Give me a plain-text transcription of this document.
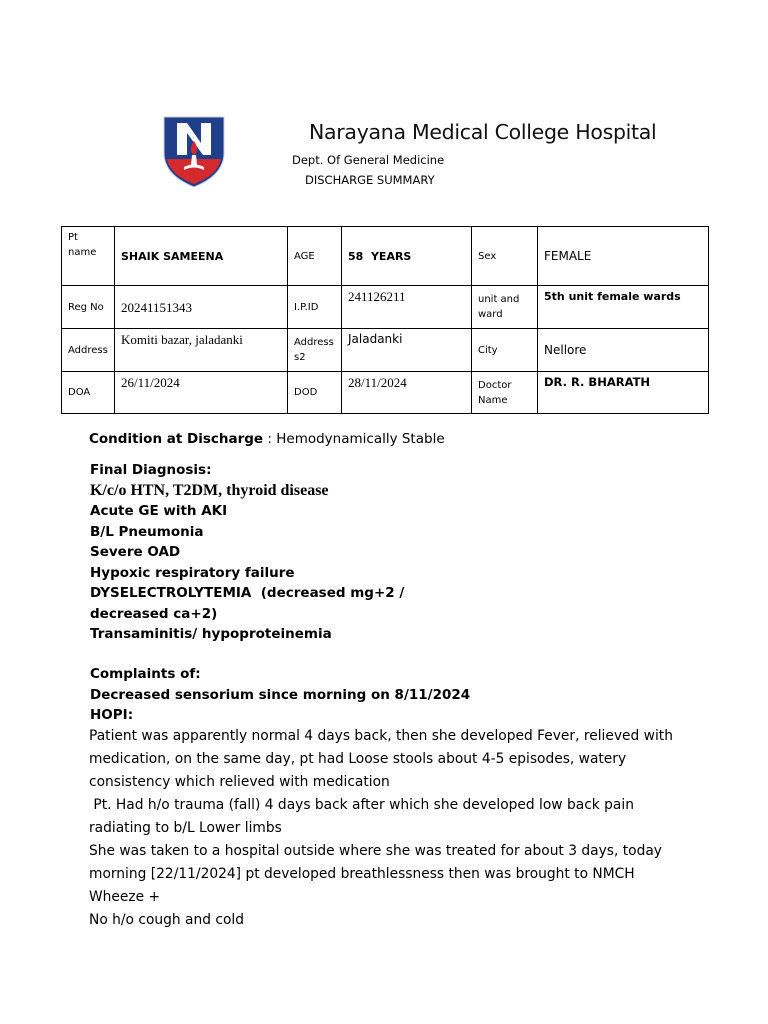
Narayana Medical College Hospital
Dept. Of General Medicine
DISCHARGE SUMMARY
Pt name	SHAIK SAMEENA	AGE	58  YEARS	Sex	FEMALE
Reg No	20241151343	I.P.ID	241126211	unit and ward	5th unit female wards
Address	Komiti bazar, jaladanki	Address s2	Jaladanki	City	Nellore
DOA	26/11/2024	DOD	28/11/2024	Doctor Name	DR. R. BHARATH
Condition at Discharge : Hemodynamically Stable
Final Diagnosis:
K/c/o HTN, T2DM, thyroid disease
Acute GE with AKI
B/L Pneumonia
Severe OAD
Hypoxic respiratory failure
DYSELECTROLYTEMIA  (decreased mg+2 / decreased ca+2)
Transaminitis/ hypoproteinemia
Complaints of:
Decreased sensorium since morning on 8/11/2024
HOPI:

Patient was apparently normal 4 days back, then she developed Fever, relieved with medication, on the same day, pt had Loose stools about 4-5 episodes, watery consistency which relieved with medication

Pt. Had h/o trauma (fall) 4 days back after which she developed low back pain radiating to b/L Lower limbs

She was taken to a hospital outside where she was treated for about 3 days, today morning [22/11/2024] pt developed breathlessness then was brought to NMCH

Wheeze +

No h/o cough and cold
